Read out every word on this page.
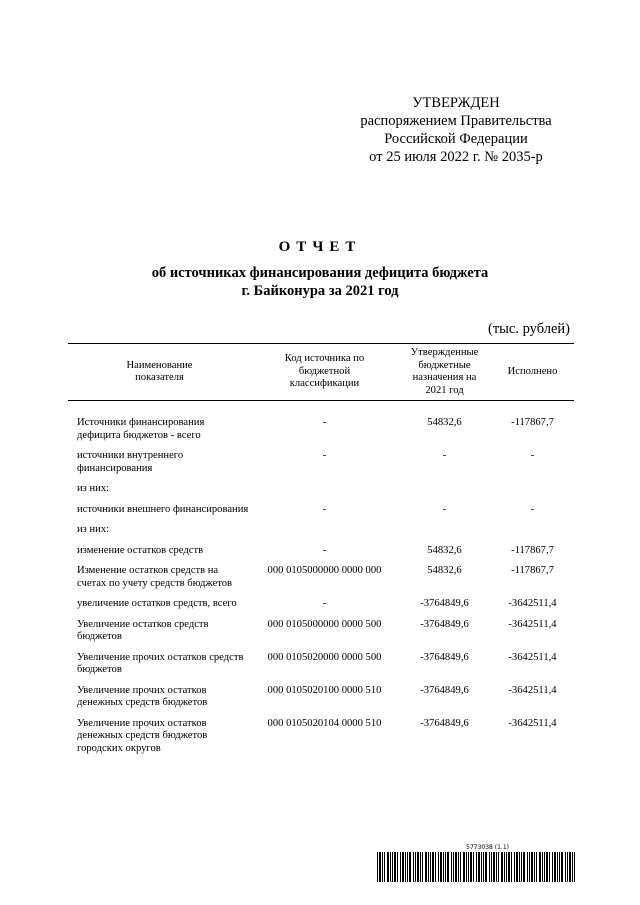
УТВЕРЖДЕН
распоряжением Правительства
Российской Федерации
от 25 июля 2022 г. № 2035-р
ОТЧЕТ
об источниках финансирования дефицита бюджета
г. Байконура за 2021 год
(тыс. рублей)
Наименование показателя	Код источника по бюджетной классификации	Утвержденные бюджетные назначения на 2021 год	Исполнено
Источники финансирования дефицита бюджетов - всего	-	54832,6	-117867,7
источники внутреннего финансирования	-	-	-
из них:			
источники внешнего финансирования	-	-	-
из них:			
изменение остатков средств	-	54832,6	-117867,7
Изменение остатков средств на счетах по учету средств бюджетов	000 0105000000 0000 000	54832,6	-117867,7
увеличение остатков средств, всего	-	-3764849,6	-3642511,4
Увеличение остатков средств бюджетов	000 0105000000 0000 500	-3764849,6	-3642511,4
Увеличение прочих остатков средств бюджетов	000 0105020000 0000 500	-3764849,6	-3642511,4
Увеличение прочих остатков денежных средств бюджетов	000 0105020100 0000 510	-3764849,6	-3642511,4
Увеличение прочих остатков денежных средств бюджетов городских округов	000 0105020104 0000 510	-3764849,6	-3642511,4
5773038 (1.1)
